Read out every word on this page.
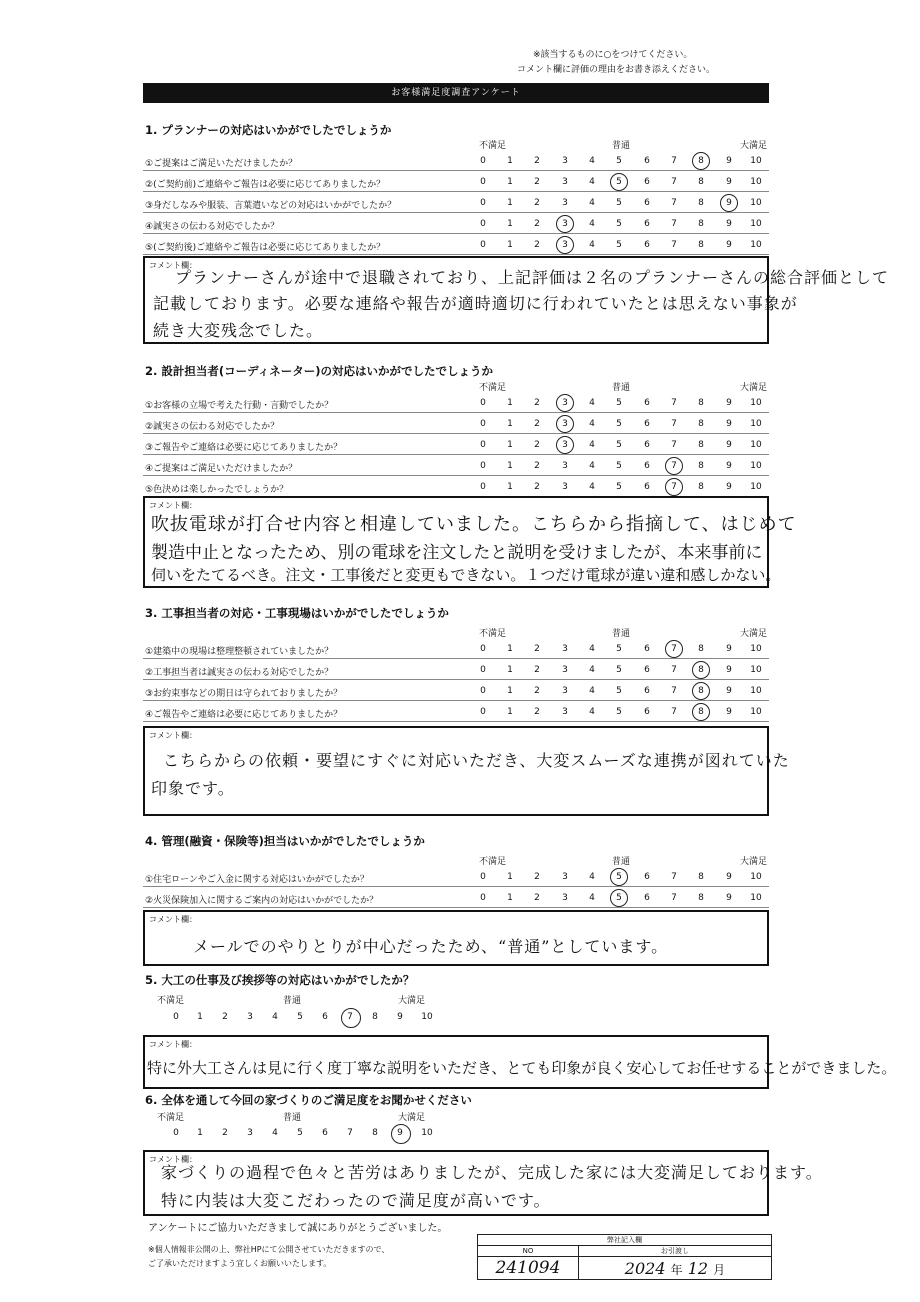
※該当するものに○をつけてください。
コメント欄に評価の理由をお書き添えください。
お客様満足度調査アンケート
1. プランナーの対応はいかがでしたでしょうか
不満足	普通	大満足
①ご提案はご満足いただけましたか？	0	1	2	3	4	5	6	7	8	9	10
②(ご契約前)ご連絡やご報告は必要に応じてありましたか？	0	1	2	3	4	5	6	7	8	9	10
③身だしなみや服装、言葉遣いなどの対応はいかがでしたか？	0	1	2	3	4	5	6	7	8	9	10
④誠実さの伝わる対応でしたか？	0	1	2	3	4	5	6	7	8	9	10
⑤(ご契約後)ご連絡やご報告は必要に応じてありましたか？	0	1	2	3	4	5	6	7	8	9	10
コメント欄：
プランナーさんが途中で退職されており、上記評価は２名のプランナーさんの総合評価として
記載しております。必要な連絡や報告が適時適切に行われていたとは思えない事象が
続き大変残念でした。
2. 設計担当者(コーディネーター)の対応はいかがでしたでしょうか
不満足	普通	大満足
①お客様の立場で考えた行動・言動でしたか？	0	1	2	3	4	5	6	7	8	9	10
②誠実さの伝わる対応でしたか？	0	1	2	3	4	5	6	7	8	9	10
③ご報告やご連絡は必要に応じてありましたか？	0	1	2	3	4	5	6	7	8	9	10
④ご提案はご満足いただけましたか？	0	1	2	3	4	5	6	7	8	9	10
⑤色決めは楽しかったでしょうか？	0	1	2	3	4	5	6	7	8	9	10
コメント欄：
吹抜電球が打合せ内容と相違していました。こちらから指摘して、はじめて
製造中止となったため、別の電球を注文したと説明を受けましたが、本来事前に
伺いをたてるべき。注文・工事後だと変更もできない。１つだけ電球が違い違和感しかない。
3. 工事担当者の対応・工事現場はいかがでしたでしょうか
不満足	普通	大満足
①建築中の現場は整理整頓されていましたか？	0	1	2	3	4	5	6	7	8	9	10
②工事担当者は誠実さの伝わる対応でしたか？	0	1	2	3	4	5	6	7	8	9	10
③お約束事などの期日は守られておりましたか？	0	1	2	3	4	5	6	7	8	9	10
④ご報告やご連絡は必要に応じてありましたか？	0	1	2	3	4	5	6	7	8	9	10
コメント欄：
こちらからの依頼・要望にすぐに対応いただき、大変スムーズな連携が図れていた
印象です。
4. 管理(融資・保険等)担当はいかがでしたでしょうか
不満足	普通	大満足
①住宅ローンやご入金に関する対応はいかがでしたか？	0	1	2	3	4	5	6	7	8	9	10
②火災保険加入に関するご案内の対応はいかがでしたか？	0	1	2	3	4	5	6	7	8	9	10
コメント欄：
メールでのやりとりが中心だったため、“普通”としています。
5. 大工の仕事及び挨拶等の対応はいかがでしたか？
不満足	普通	大満足
0	1	2	3	4	5	6	7	8	9	10
コメント欄：
特に外大工さんは見に行く度丁寧な説明をいただき、とても印象が良く安心してお任せすることができました。
6. 全体を通して今回の家づくりのご満足度をお聞かせください
不満足	普通	大満足
0	1	2	3	4	5	6	7	8	9	10
コメント欄：
家づくりの過程で色々と苦労はありましたが、完成した家には大変満足しております。
特に内装は大変こだわったので満足度が高いです。
アンケートにご協力いただきまして誠にありがとうございました。
※個人情報非公開の上、弊社HPにて公開させていただきますので、
ご了承いただけますよう宜しくお願いいたします。
弊社記入欄	
NO	お引渡し
241094	2024 年 12 月
